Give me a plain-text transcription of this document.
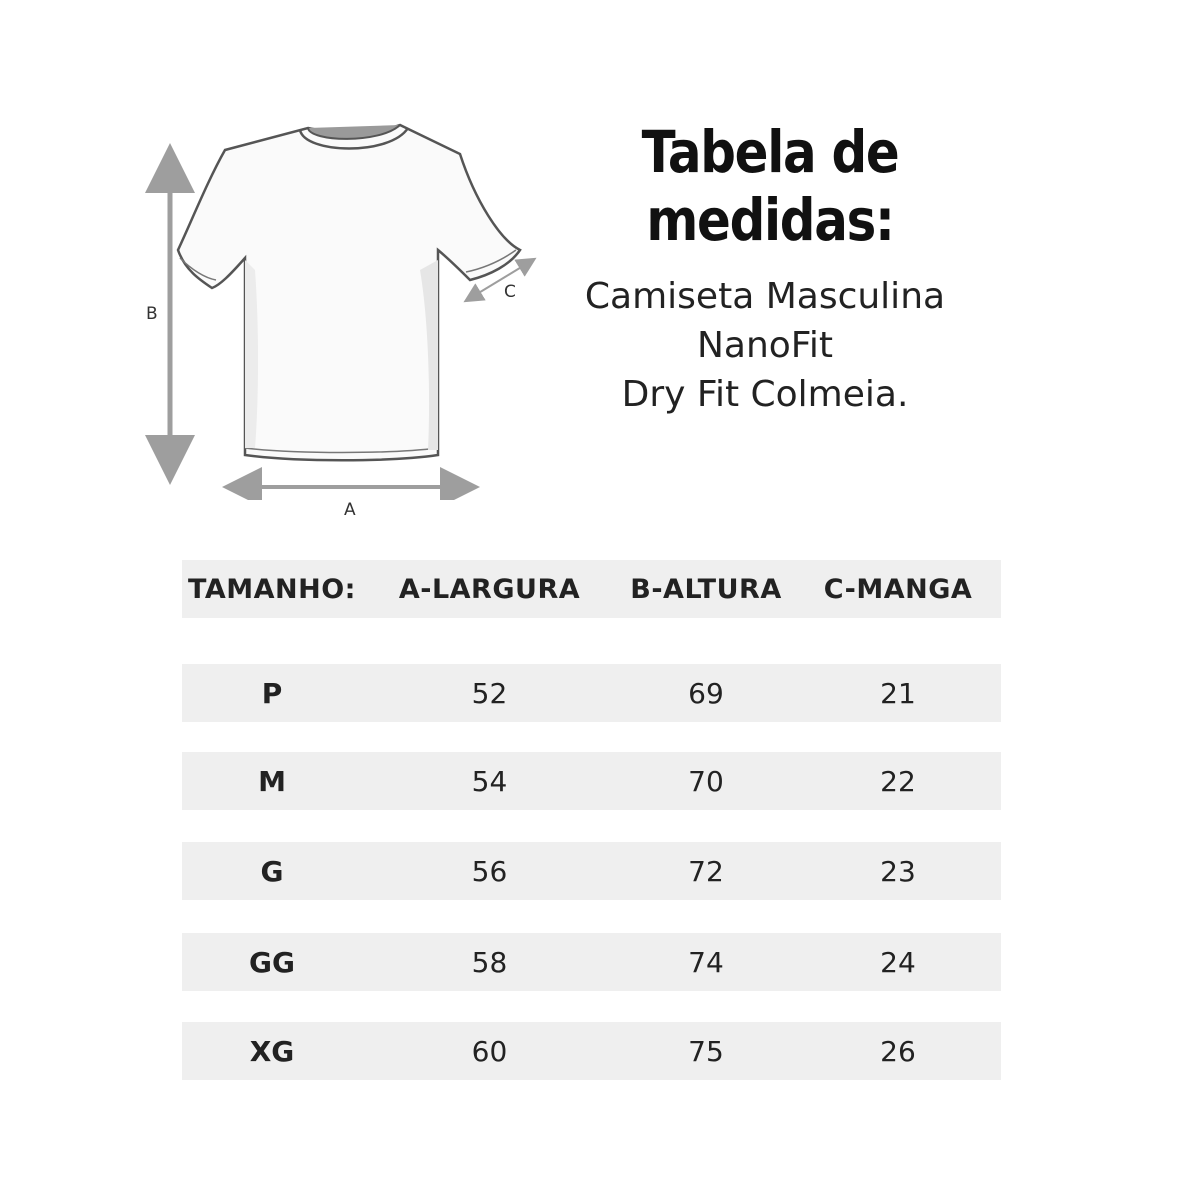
B
A
C
Tabela de medidas:
Camiseta Masculina
NanoFit
Dry Fit Colmeia.
TAMANHO:	A-LARGURA	B-ALTURA	C-MANGA
P	52	69	21
M	54	70	22
G	56	72	23
GG	58	74	24
XG	60	75	26
